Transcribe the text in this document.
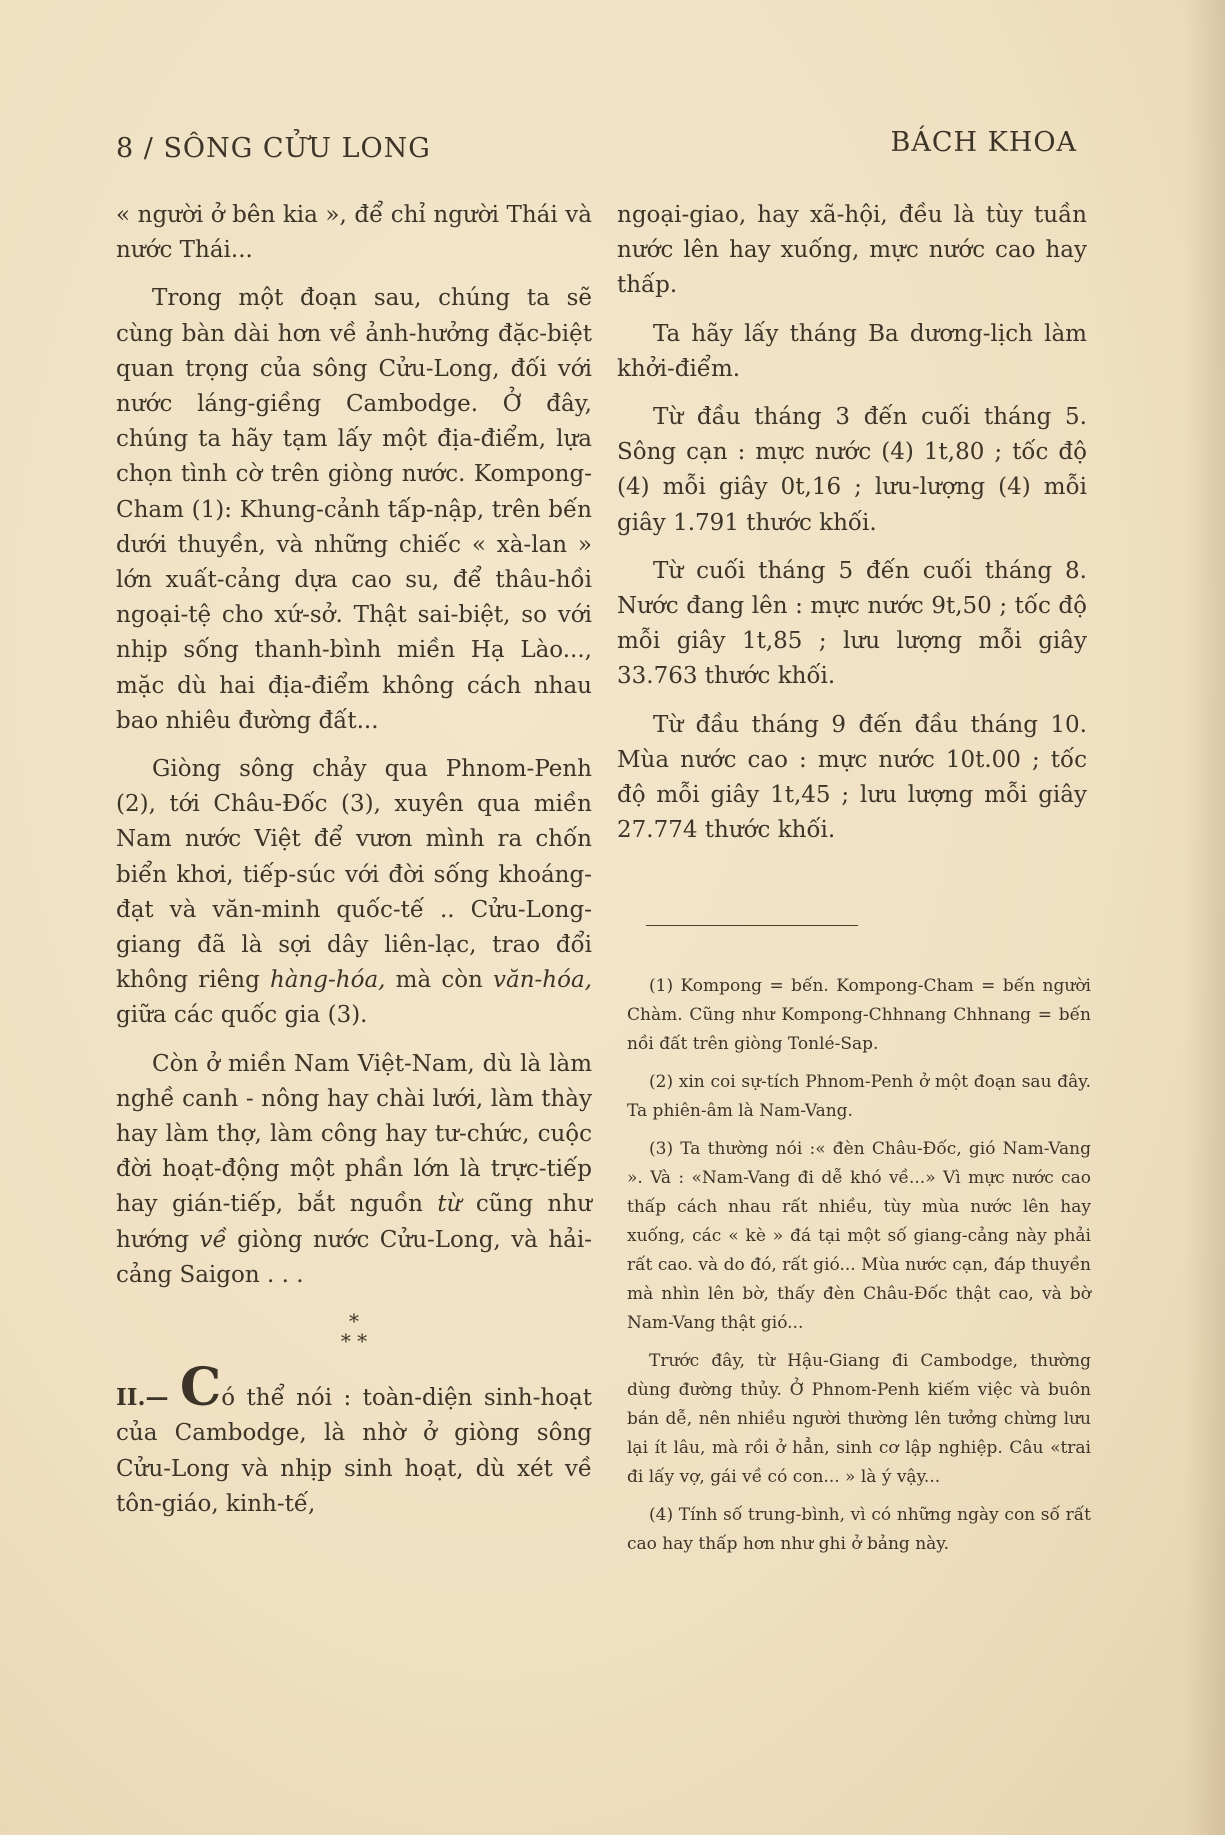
8 / SÔNG CỬU LONG	BÁCH KHOA

« người ở bên kia », để chỉ người Thái và nước Thái...

Trong một đoạn sau, chúng ta sẽ cùng bàn dài hơn về ảnh-hưởng đặc-biệt quan trọng của sông Cửu-Long, đối với nước láng-giềng Cambodge. Ở đây, chúng ta hãy tạm lấy một địa-điểm, lựa chọn tình cờ trên giòng nước. Kompong-Cham (1): Khung-cảnh tấp-nập, trên bến dưới thuyền, và những chiếc « xà-lan » lớn xuất-cảng dựa cao su, để thâu-hồi ngoại-tệ cho xứ-sở. Thật sai-biệt, so với nhịp sống thanh-bình miền Hạ Lào..., mặc dù hai địa-điểm không cách nhau bao nhiêu đường đất...

Giòng sông chảy qua Phnom-Penh (2), tới Châu-Đốc (3), xuyên qua miền Nam nước Việt để vươn mình ra chốn biển khơi, tiếp-súc với đời sống khoáng-đạt và văn-minh quốc-tế .. Cửu-Long-giang đã là sợi dây liên-lạc, trao đổi không riêng hàng-hóa, mà còn văn-hóa, giữa các quốc gia (3).

Còn ở miền Nam Việt-Nam, dù là làm nghề canh - nông hay chài lưới, làm thày hay làm thợ, làm công hay tư-chức, cuộc đời hoạt-động một phần lớn là trực-tiếp hay gián-tiếp, bắt nguồn từ cũng như hướng về giòng nước Cửu-Long, và hải-cảng Saigon . . .

*
* *

II.— Có thể nói : toàn-diện sinh-hoạt của Cambodge, là nhờ ở giòng sông Cửu-Long và nhịp sinh hoạt, dù xét về tôn-giáo, kinh-tế,

ngoại-giao, hay xã-hội, đều là tùy tuần nước lên hay xuống, mực nước cao hay thấp.

Ta hãy lấy tháng Ba dương-lịch làm khởi-điểm.

Từ đầu tháng 3 đến cuối tháng 5. Sông cạn : mực nước (4) 1t,80 ; tốc độ (4) mỗi giây 0t,16 ; lưu-lượng (4) mỗi giây 1.791 thước khối.

Từ cuối tháng 5 đến cuối tháng 8. Nước đang lên : mực nước 9t,50 ; tốc độ mỗi giây 1t,85 ; lưu lượng mỗi giây 33.763 thước khối.

Từ đầu tháng 9 đến đầu tháng 10. Mùa nước cao : mực nước 10t.00 ; tốc độ mỗi giây 1t,45 ; lưu lượng mỗi giây 27.774 thước khối.

(1) Kompong = bến. Kompong-Cham = bến người Chàm. Cũng như Kompong-Chhnang Chhnang = bến nồi đất trên giòng Tonlé-Sap.

(2) xin coi sự-tích Phnom-Penh ở một đoạn sau đây. Ta phiên-âm là Nam-Vang.

(3) Ta thường nói :« đèn Châu-Đốc, gió Nam-Vang ». Và : «Nam-Vang đi dễ khó về...» Vì mực nước cao thấp cách nhau rất nhiều, tùy mùa nước lên hay xuống, các « kè » đá tại một số giang-cảng này phải rất cao. và do đó, rất gió... Mùa nước cạn, đáp thuyền mà nhìn lên bờ, thấy đèn Châu-Đốc thật cao, và bờ Nam-Vang thật gió...

Trước đây, từ Hậu-Giang đi Cambodge, thường dùng đường thủy. Ở Phnom-Penh kiếm việc và buôn bán dễ, nên nhiều người thường lên tưởng chừng lưu lại ít lâu, mà rồi ở hẳn, sinh cơ lập nghiệp. Câu «trai đi lấy vợ, gái về có con... » là ý vậy...

(4) Tính số trung-bình, vì có những ngày con số rất cao hay thấp hơn như ghi ở bảng này.
